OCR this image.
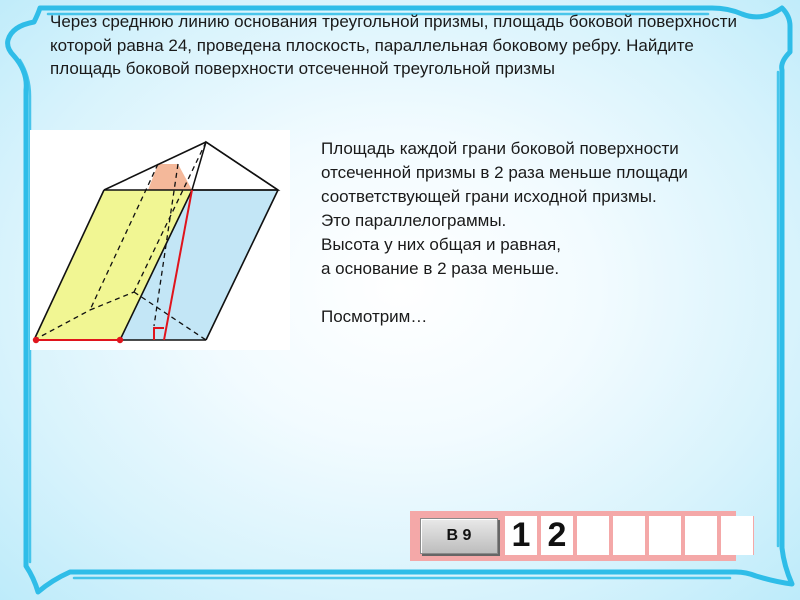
Через среднюю линию основания треугольной призмы, площадь боковой поверхности которой равна 24, проведена плоскость, параллельная боковому ребру. Найдите площадь боковой поверхности отсеченной треугольной призмы

Площадь каждой грани боковой поверхности

отсеченной призмы в 2 раза меньше площади

соответствующей грани исходной призмы.

Это параллелограммы.

Высота у них общая и равная,

а основание в 2 раза меньше.

Посмотрим…

В 9	1 2
